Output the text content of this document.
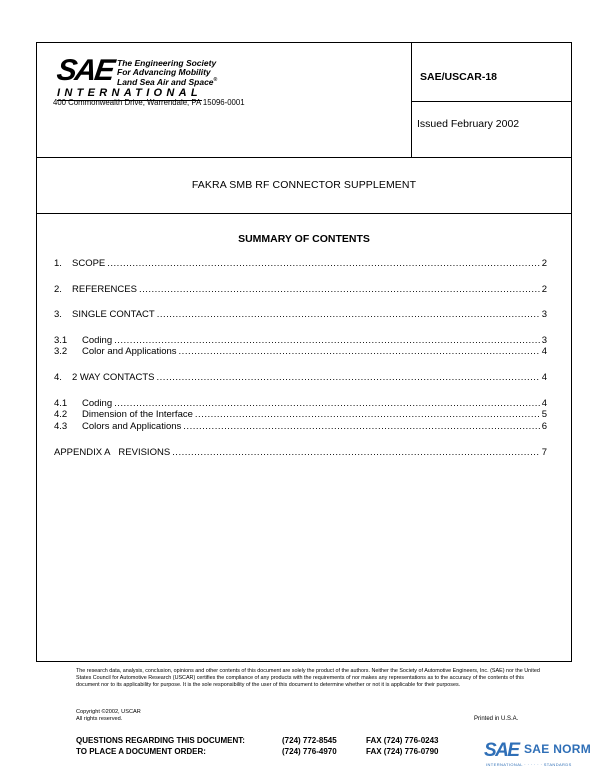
SAE The Engineering Society
For Advancing Mobility
Land Sea Air and Space®
INTERNATIONAL
400 Commonwealth Drive, Warrendale, PA 15096-0001
SAE/USCAR-18
Issued February 2002
FAKRA SMB RF CONNECTOR SUPPLEMENT
SUMMARY OF CONTENTS
1. SCOPE .....	2
2. REFERENCES .....	2
3. SINGLE CONTACT .....	3
3.1 Coding .....	3
3.2 Color and Applications .....	4
4. 2 WAY CONTACTS .....	4
4.1 Coding .....	4
4.2 Dimension of the Interface .....	5
4.3 Colors and Applications .....	6
APPENDIX A REVISIONS .....	7
The research data, analysis, conclusion, opinions and other contents of this document are solely the product of the authors. Neither the Society of Automotive Engineers, Inc. (SAE) nor the United States Council for Automotive Research (USCAR) certifies the compliance of any products with the requirements of nor makes any representations as to the accuracy of the contents of this document nor to its applicability for purpose. It is the sole responsibility of the user of this document to determine whether or not it is applicable for their purposes.
Copyright ©2002, USCAR
All rights reserved.	Printed in U.S.A.
QUESTIONS REGARDING THIS DOCUMENT:	(724) 772-8545	FAX (724) 776-0243
TO PLACE A DOCUMENT ORDER:	(724) 776-4970	FAX (724) 776-0790 SAE SAE NORM
INTERNATIONAL · · · · · · STANDARDS
